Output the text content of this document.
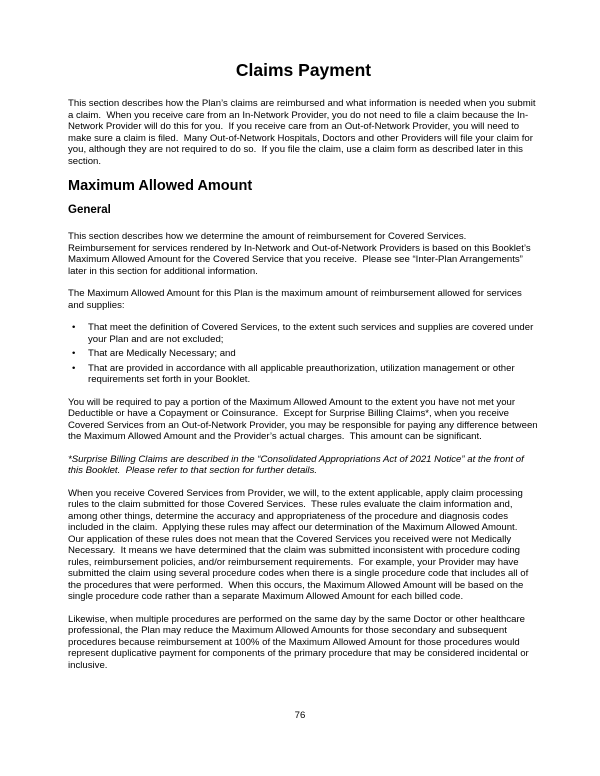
Claims Payment

This section describes how the Plan’s claims are reimbursed and what information is needed when you submit a claim.  When you receive care from an In-Network Provider, you do not need to file a claim because the In-Network Provider will do this for you.  If you receive care from an Out-of-Network Provider, you will need to make sure a claim is filed.  Many Out-of-Network Hospitals, Doctors and other Providers will file your claim for you, although they are not required to do so.  If you file the claim, use a claim form as described later in this section.

Maximum Allowed Amount
General

This section describes how we determine the amount of reimbursement for Covered Services.  Reimbursement for services rendered by In-Network and Out-of-Network Providers is based on this Booklet’s Maximum Allowed Amount for the Covered Service that you receive.  Please see “Inter-Plan Arrangements” later in this section for additional information.

The Maximum Allowed Amount for this Plan is the maximum amount of reimbursement allowed for services and supplies:

• That meet the definition of Covered Services, to the extent such services and supplies are covered under your Plan and are not excluded;
• That are Medically Necessary; and
• That are provided in accordance with all applicable preauthorization, utilization management or other requirements set forth in your Booklet.

You will be required to pay a portion of the Maximum Allowed Amount to the extent you have not met your Deductible or have a Copayment or Coinsurance.  Except for Surprise Billing Claims*, when you receive Covered Services from an Out-of-Network Provider, you may be responsible for paying any difference between the Maximum Allowed Amount and the Provider’s actual charges.  This amount can be significant.

*Surprise Billing Claims are described in the “Consolidated Appropriations Act of 2021 Notice” at the front of this Booklet.  Please refer to that section for further details.

When you receive Covered Services from Provider, we will, to the extent applicable, apply claim processing rules to the claim submitted for those Covered Services.  These rules evaluate the claim information and, among other things, determine the accuracy and appropriateness of the procedure and diagnosis codes included in the claim.  Applying these rules may affect our determination of the Maximum Allowed Amount.   Our application of these rules does not mean that the Covered Services you received were not Medically Necessary.  It means we have determined that the claim was submitted inconsistent with procedure coding rules, reimbursement policies, and/or reimbursement requirements.  For example, your Provider may have submitted the claim using several procedure codes when there is a single procedure code that includes all of the procedures that were performed.  When this occurs, the Maximum Allowed Amount will be based on the single procedure code rather than a separate Maximum Allowed Amount for each billed code.

Likewise, when multiple procedures are performed on the same day by the same Doctor or other healthcare professional, the Plan may reduce the Maximum Allowed Amounts for those secondary and subsequent procedures because reimbursement at 100% of the Maximum Allowed Amount for those procedures would represent duplicative payment for components of the primary procedure that may be considered incidental or inclusive.

76
